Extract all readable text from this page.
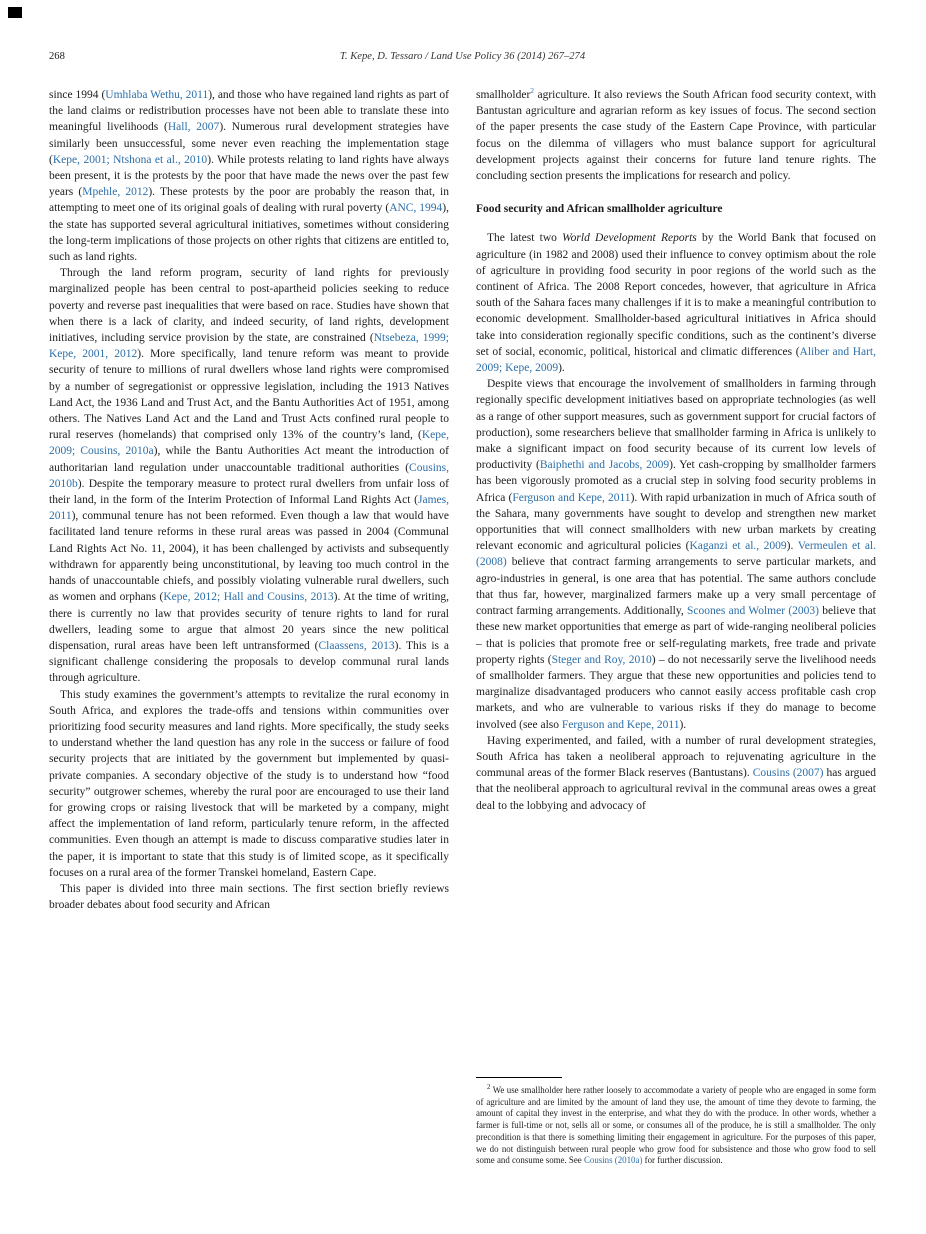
268	T. Kepe, D. Tessaro / Land Use Policy 36 (2014) 267–274

since 1994 (Umhlaba Wethu, 2011), and those who have regained land rights as part of the land claims or redistribution processes have not been able to translate these into meaningful livelihoods (Hall, 2007). Numerous rural development strategies have similarly been unsuccessful, some never even reaching the implementation stage (Kepe, 2001; Ntshona et al., 2010). While protests relating to land rights have always been present, it is the protests by the poor that have made the news over the past few years (Mpehle, 2012). These protests by the poor are probably the reason that, in attempting to meet one of its original goals of dealing with rural poverty (ANC, 1994), the state has supported several agricultural initiatives, sometimes without considering the long-term implications of those projects on other rights that citizens are entitled to, such as land rights.

Through the land reform program, security of land rights for previously marginalized people has been central to post-apartheid policies seeking to reduce poverty and reverse past inequalities that were based on race. Studies have shown that when there is a lack of clarity, and indeed security, of land rights, development initiatives, including service provision by the state, are constrained (Ntsebeza, 1999; Kepe, 2001, 2012). More specifically, land tenure reform was meant to provide security of tenure to millions of rural dwellers whose land rights were compromised by a number of segregationist or oppressive legislation, including the 1913 Natives Land Act, the 1936 Land and Trust Act, and the Bantu Authorities Act of 1951, among others. The Natives Land Act and the Land and Trust Acts confined rural people to rural reserves (homelands) that comprised only 13% of the country’s land, (Kepe, 2009; Cousins, 2010a), while the Bantu Authorities Act meant the introduction of authoritarian land regulation under unaccountable traditional authorities (Cousins, 2010b). Despite the temporary measure to protect rural dwellers from unfair loss of their land, in the form of the Interim Protection of Informal Land Rights Act (James, 2011), communal tenure has not been reformed. Even though a law that would have facilitated land tenure reforms in these rural areas was passed in 2004 (Communal Land Rights Act No. 11, 2004), it has been challenged by activists and subsequently withdrawn for apparently being unconstitutional, by leaving too much control in the hands of unaccountable chiefs, and possibly violating vulnerable rural dwellers, such as women and orphans (Kepe, 2012; Hall and Cousins, 2013). At the time of writing, there is currently no law that provides security of tenure rights to land for rural dwellers, leading some to argue that almost 20 years since the new political dispensation, rural areas have been left untransformed (Claassens, 2013). This is a significant challenge considering the proposals to develop communal rural lands through agriculture.

This study examines the government’s attempts to revitalize the rural economy in South Africa, and explores the trade-offs and tensions within communities over prioritizing food security measures and land rights. More specifically, the study seeks to understand whether the land question has any role in the success or failure of food security projects that are initiated by the government but implemented by quasi-private companies. A secondary objective of the study is to understand how “food security” outgrower schemes, whereby the rural poor are encouraged to use their land for growing crops or raising livestock that will be marketed by a company, might affect the implementation of land reform, particularly tenure reform, in the affected communities. Even though an attempt is made to discuss comparative studies later in the paper, it is important to state that this study is of limited scope, as it specifically focuses on a rural area of the former Transkei homeland, Eastern Cape.

This paper is divided into three main sections. The first section briefly reviews broader debates about food security and African

smallholder$^2$ agriculture. It also reviews the South African food security context, with Bantustan agriculture and agrarian reform as key issues of focus. The second section of the paper presents the case study of the Eastern Cape Province, with particular focus on the dilemma of villagers who must balance support for agricultural development projects against their concerns for future land tenure rights. The concluding section presents the implications for research and policy.

Food security and African smallholder agriculture

The latest two World Development Reports by the World Bank that focused on agriculture (in 1982 and 2008) used their influence to convey optimism about the role of agriculture in providing food security in poor regions of the world such as the continent of Africa. The 2008 Report concedes, however, that agriculture in Africa south of the Sahara faces many challenges if it is to make a meaningful contribution to economic development. Smallholder-based agricultural initiatives in Africa should take into consideration regionally specific conditions, such as the continent’s diverse set of social, economic, political, historical and climatic differences (Aliber and Hart, 2009; Kepe, 2009).

Despite views that encourage the involvement of smallholders in farming through regionally specific development initiatives based on appropriate technologies (as well as a range of other support measures, such as government support for crucial factors of production), some researchers believe that smallholder farming in Africa is unlikely to make a significant impact on food security because of its current low levels of productivity (Baiphethi and Jacobs, 2009). Yet cash-cropping by smallholder farmers has been vigorously promoted as a crucial step in solving food security problems in Africa (Ferguson and Kepe, 2011). With rapid urbanization in much of Africa south of the Sahara, many governments have sought to develop and strengthen new market opportunities that will connect smallholders with new urban markets by creating relevant economic and agricultural policies (Kaganzi et al., 2009). Vermeulen et al. (2008) believe that contract farming arrangements to serve particular markets, and agro-industries in general, is one area that has potential. The same authors conclude that thus far, however, marginalized farmers make up a very small percentage of contract farming arrangements. Additionally, Scoones and Wolmer (2003) believe that these new market opportunities that emerge as part of wide-ranging neoliberal policies – that is policies that promote free or self-regulating markets, free trade and private property rights (Steger and Roy, 2010) – do not necessarily serve the livelihood needs of smallholder farmers. They argue that these new opportunities and policies tend to marginalize disadvantaged producers who cannot easily access profitable cash crop markets, and who are vulnerable to various risks if they do manage to become involved (see also Ferguson and Kepe, 2011).

Having experimented, and failed, with a number of rural development strategies, South Africa has taken a neoliberal approach to rejuvenating agriculture in the communal areas of the former Black reserves (Bantustans). Cousins (2007) has argued that the neoliberal approach to agricultural revival in the communal areas owes a great deal to the lobbying and advocacy of

$^2$ We use smallholder here rather loosely to accommodate a variety of people who are engaged in some form of agriculture and are limited by the amount of land they use, the amount of time they devote to farming, the amount of capital they invest in the enterprise, and what they do with the produce. In other words, whether a farmer is full-time or not, sells all or some, or consumes all of the produce, he is still a smallholder. The only precondition is that there is something limiting their engagement in agriculture. For the purposes of this paper, we do not distinguish between rural people who grow food for subsistence and those who grow food to sell some and consume some. See Cousins (2010a) for further discussion.
